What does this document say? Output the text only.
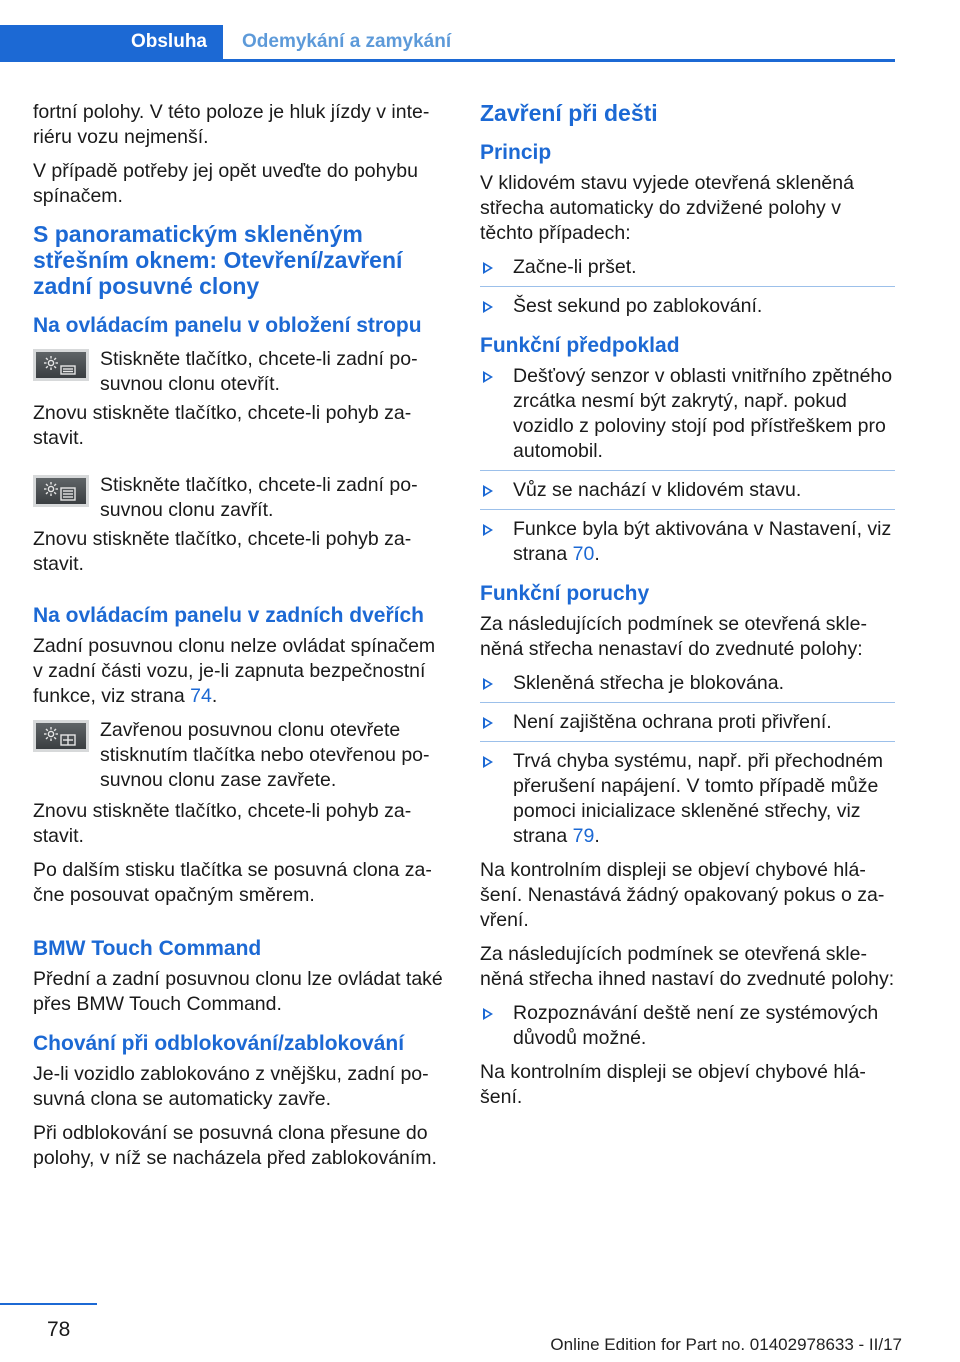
Obsluha	Odemykání a zamykání

fortní polohy. V této poloze je hluk jízdy v interiéru vozu nejmenší.

V případě potřeby jej opět uveďte do pohybu spínačem.

S panoramatickým skleněným střešním oknem: Otevření/zavření zadní posuvné clony
Na ovládacím panelu v obložení stropu
Stiskněte tlačítko, chcete-li zadní posuvnou clonu otevřít.

Znovu stiskněte tlačítko, chcete-li pohyb zastavit.

Stiskněte tlačítko, chcete-li zadní posuvnou clonu zavřít.

Znovu stiskněte tlačítko, chcete-li pohyb zastavit.

Na ovládacím panelu v zadních dveřích

Zadní posuvnou clonu nelze ovládat spínačem v zadní části vozu, je-li zapnuta bezpečnostní funkce, viz strana 74.

Zavřenou posuvnou clonu otevřete stisknutím tlačítka nebo otevřenou posuvnou clonu zase zavřete.

Znovu stiskněte tlačítko, chcete-li pohyb zastavit.

Po dalším stisku tlačítka se posuvná clona začne posouvat opačným směrem.

BMW Touch Command

Přední a zadní posuvnou clonu lze ovládat také přes BMW Touch Command.

Chování při odblokování/zablokování

Je-li vozidlo zablokováno z vnějšku, zadní posuvná clona se automaticky zavře.

Při odblokování se posuvná clona přesune do polohy, v níž se nacházela před zablokováním.

Zavření při dešti
Princip

V klidovém stavu vyjede otevřená skleněná střecha automaticky do zdvižené polohy v těchto případech:

Začne-li pršet.
Šest sekund po zablokování.
Funkční předpoklad
Dešťový senzor v oblasti vnitřního zpětného zrcátka nesmí být zakrytý, např. pokud vozidlo z poloviny stojí pod přístřeškem pro automobil.
Vůz se nachází v klidovém stavu.
Funkce byla být aktivována v Nastavení, viz strana 70.
Funkční poruchy

Za následujících podmínek se otevřená skleněná střecha nenastaví do zvednuté polohy:

Skleněná střecha je blokována.
Není zajištěna ochrana proti přivření.
Trvá chyba systému, např. při přechodném přerušení napájení. V tomto případě může pomoci inicializace skleněné střechy, viz strana 79.

Na kontrolním displeji se objeví chybové hlášení. Nenastává žádný opakovaný pokus o zavření.

Za následujících podmínek se otevřená skleněná střecha ihned nastaví do zvednuté polohy:

Rozpoznávání deště není ze systémových důvodů možné.

Na kontrolním displeji se objeví chybové hlášení.

78
Online Edition for Part no. 01402978633 - II/17
